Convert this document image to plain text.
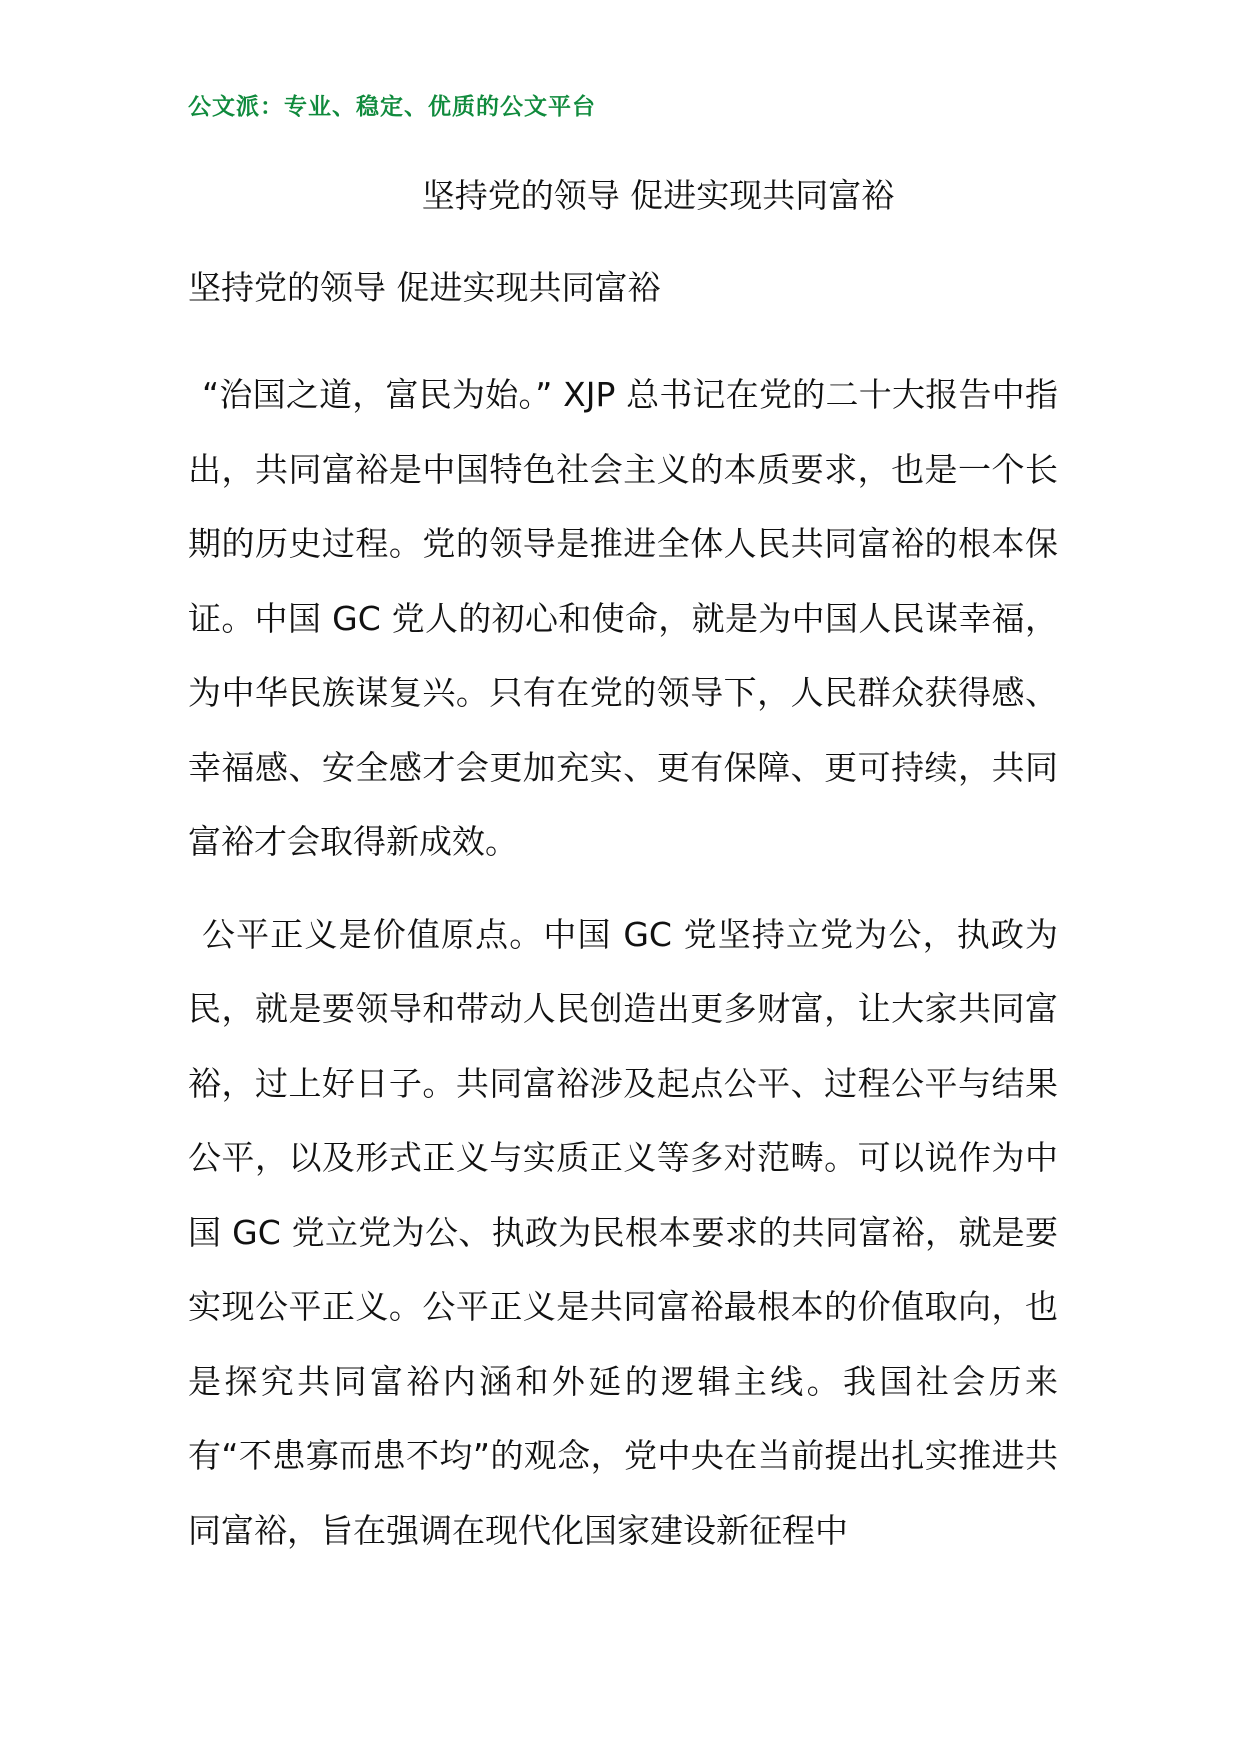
公文派：专业、稳定、优质的公文平台
坚持党的领导 促进实现共同富裕
坚持党的领导 促进实现共同富裕

“治国之道，富民为始。” XJP 总书记在党的二十大报告中指出，共同富裕是中国特色社会主义的本质要求，也是一个长期的历史过程。党的领导是推进全体人民共同富裕的根本保证。中国 GC 党人的初心和使命，就是为中国人民谋幸福，为中华民族谋复兴。只有在党的领导下，人民群众获得感、幸福感、安全感才会更加充实、更有保障、更可持续，共同富裕才会取得新成效。

公平正义是价值原点。中国 GC 党坚持立党为公，执政为民，就是要领导和带动人民创造出更多财富，让大家共同富裕，过上好日子。共同富裕涉及起点公平、过程公平与结果公平，以及形式正义与实质正义等多对范畴。可以说作为中国 GC 党立党为公、执政为民根本要求的共同富裕，就是要实现公平正义。公平正义是共同富裕最根本的价值取向，也是探究共同富裕内涵和外延的逻辑主线。我国社会历来有“不患寡而患不均”的观念，党中央在当前提出扎实推进共同富裕，旨在强调在现代化国家建设新征程中
